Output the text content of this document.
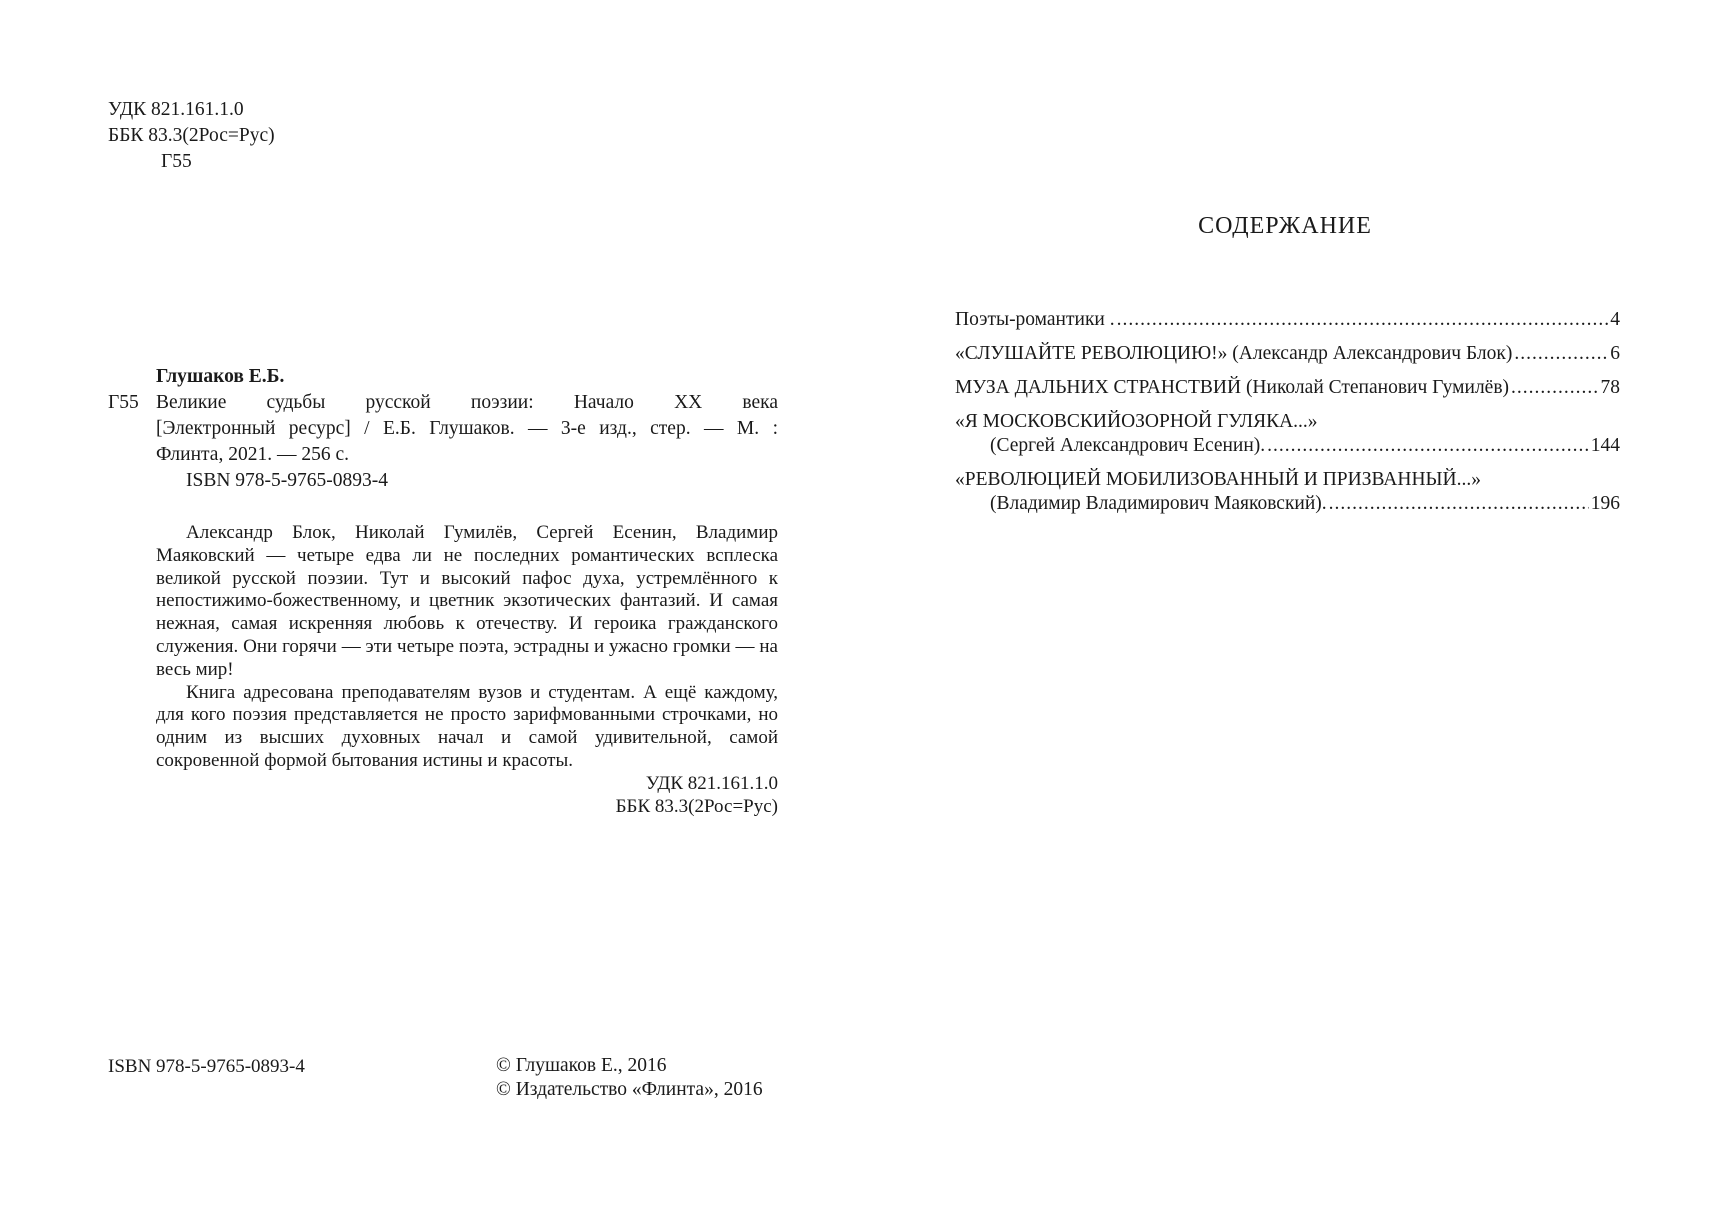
УДК 821.161.1.0
ББК 83.3(2Рос=Рус)
Г55
Глушаков Е.Б.
Г55 Великие судьбы русской поэзии: Начало XX века
[Электронный ресурс] / Е.Б. Глушаков. — 3-е изд., стер. — М. :
Флинта, 2021. — 256 с.
ISBN 978-5-9765-0893-4

Александр Блок, Николай Гумилёв, Сергей Есенин, Владимир Маяковский — четыре едва ли не последних романтических всплеска великой русской поэзии. Тут и высокий пафос духа, устремлённого к непостижимо-божественному, и цветник экзотических фантазий. И самая нежная, самая искренняя любовь к отечеству. И героика гражданского служения. Они горячи — эти четыре поэта, эстрадны и ужасно громки — на весь мир!

Книга адресована преподавателям вузов и студентам. А ещё каждому, для кого поэзия представляется не просто зарифмованными строчками, но одним из высших духовных начал и самой удивительной, самой сокровенной формой бытования истины и красоты.

УДК 821.161.1.0

ББК 83.3(2Рос=Рус)

ISBN 978-5-9765-0893-4	© Глушаков Е., 2016
© Издательство «Флинта», 2016
СОДЕРЖАНИЕ
Поэты-романтики . .....	4
«СЛУШАЙТЕ РЕВОЛЮЦИЮ!» (Александр Александрович Блок) .....	6
МУЗА ДАЛЬНИХ СТРАНСТВИЙ (Николай Степанович Гумилёв) .....	78
«Я МОСКОВСКИЙОЗОРНОЙ ГУЛЯКА...»
(Сергей Александрович Есенин). .....	144
«РЕВОЛЮЦИЕЙ МОБИЛИЗОВАННЫЙ И ПРИЗВАННЫЙ...»
(Владимир Владимирович Маяковский). .....	196
